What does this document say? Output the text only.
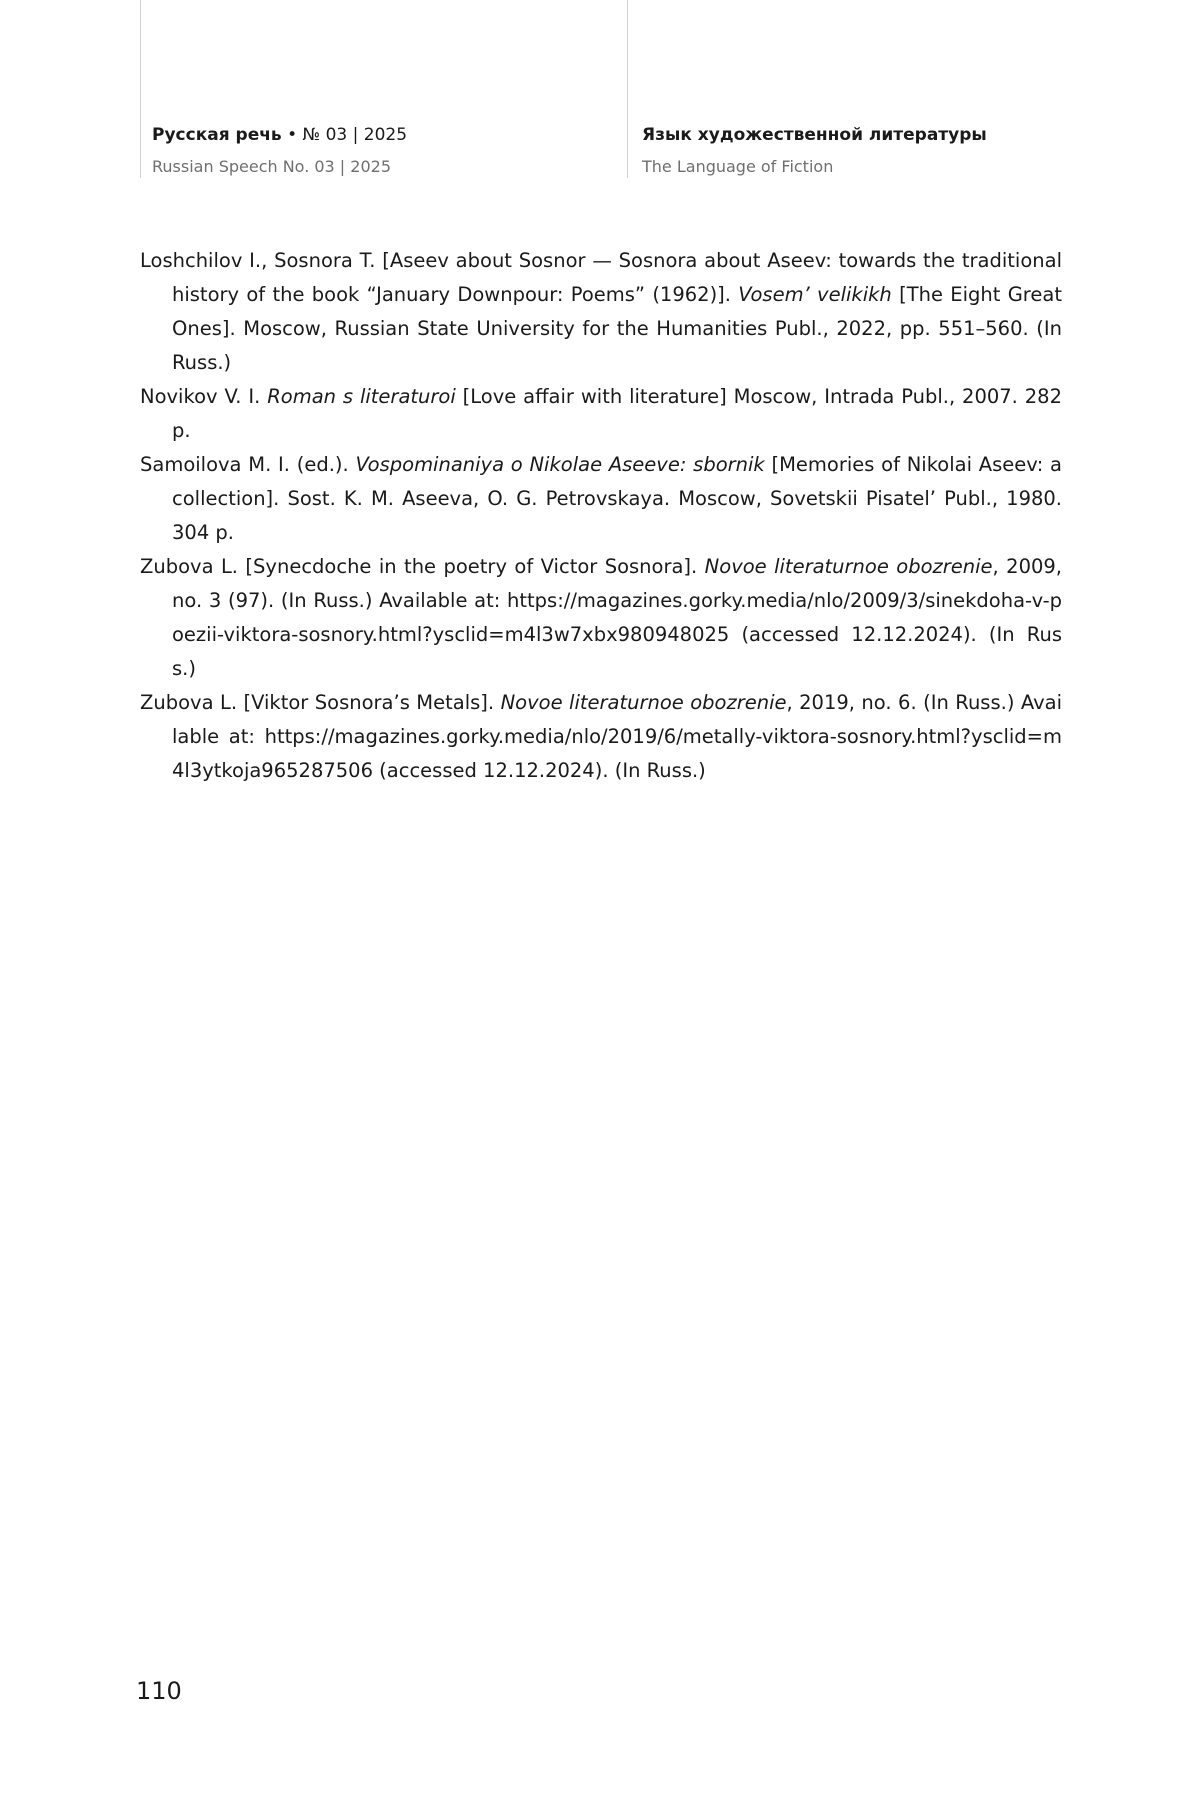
Русская речь • № 03 | 2025
Russian Speech No. 03 | 2025
Язык художественной литературы
The Language of Fiction

Loshchilov I., Sosnora T. [Aseev about Sosnor — Sosnora about Aseev: towards the traditional history of the book “January Downpour: Poems” (1962)]. Vosem’ velikikh [The Eight Great Ones]. Moscow, Russian State University for the Humanities Publ., 2022, pp. 551–560. (In Russ.)

Novikov V. I. Roman s literaturoi [Love affair with literature] Moscow, Intrada Publ., 2007. 282 p.

Samoilova M. I. (ed.). Vospominaniya o Nikolae Aseeve: sbornik [Memories of Nikolai Aseev: a collection]. Sost. K. M. Aseeva, O. G. Petrovskaya. Moscow, Sovetskii Pisatel’ Publ., 1980. 304 p.

Zubova L. [Synecdoche in the poetry of Victor Sosnora]. Novoe literaturnoe obozrenie, 2009, no. 3 (97). (In Russ.) Available at: https://magazines.gorky.media/nlo/2009/3/sinekdoha-v-poezii-viktora-sosnory.html?ysclid=m4l3w7xbx980948025 (accessed 12.12.2024). (In Russ.)

Zubova L. [Viktor Sosnora’s Metals]. Novoe literaturnoe obozrenie, 2019, no. 6. (In Russ.) Available at: https://magazines.gorky.media/nlo/2019/6/metally-viktora-sosnory.html?ysclid=m4l3ytkoja965287506 (accessed 12.12.2024). (In Russ.)

110
